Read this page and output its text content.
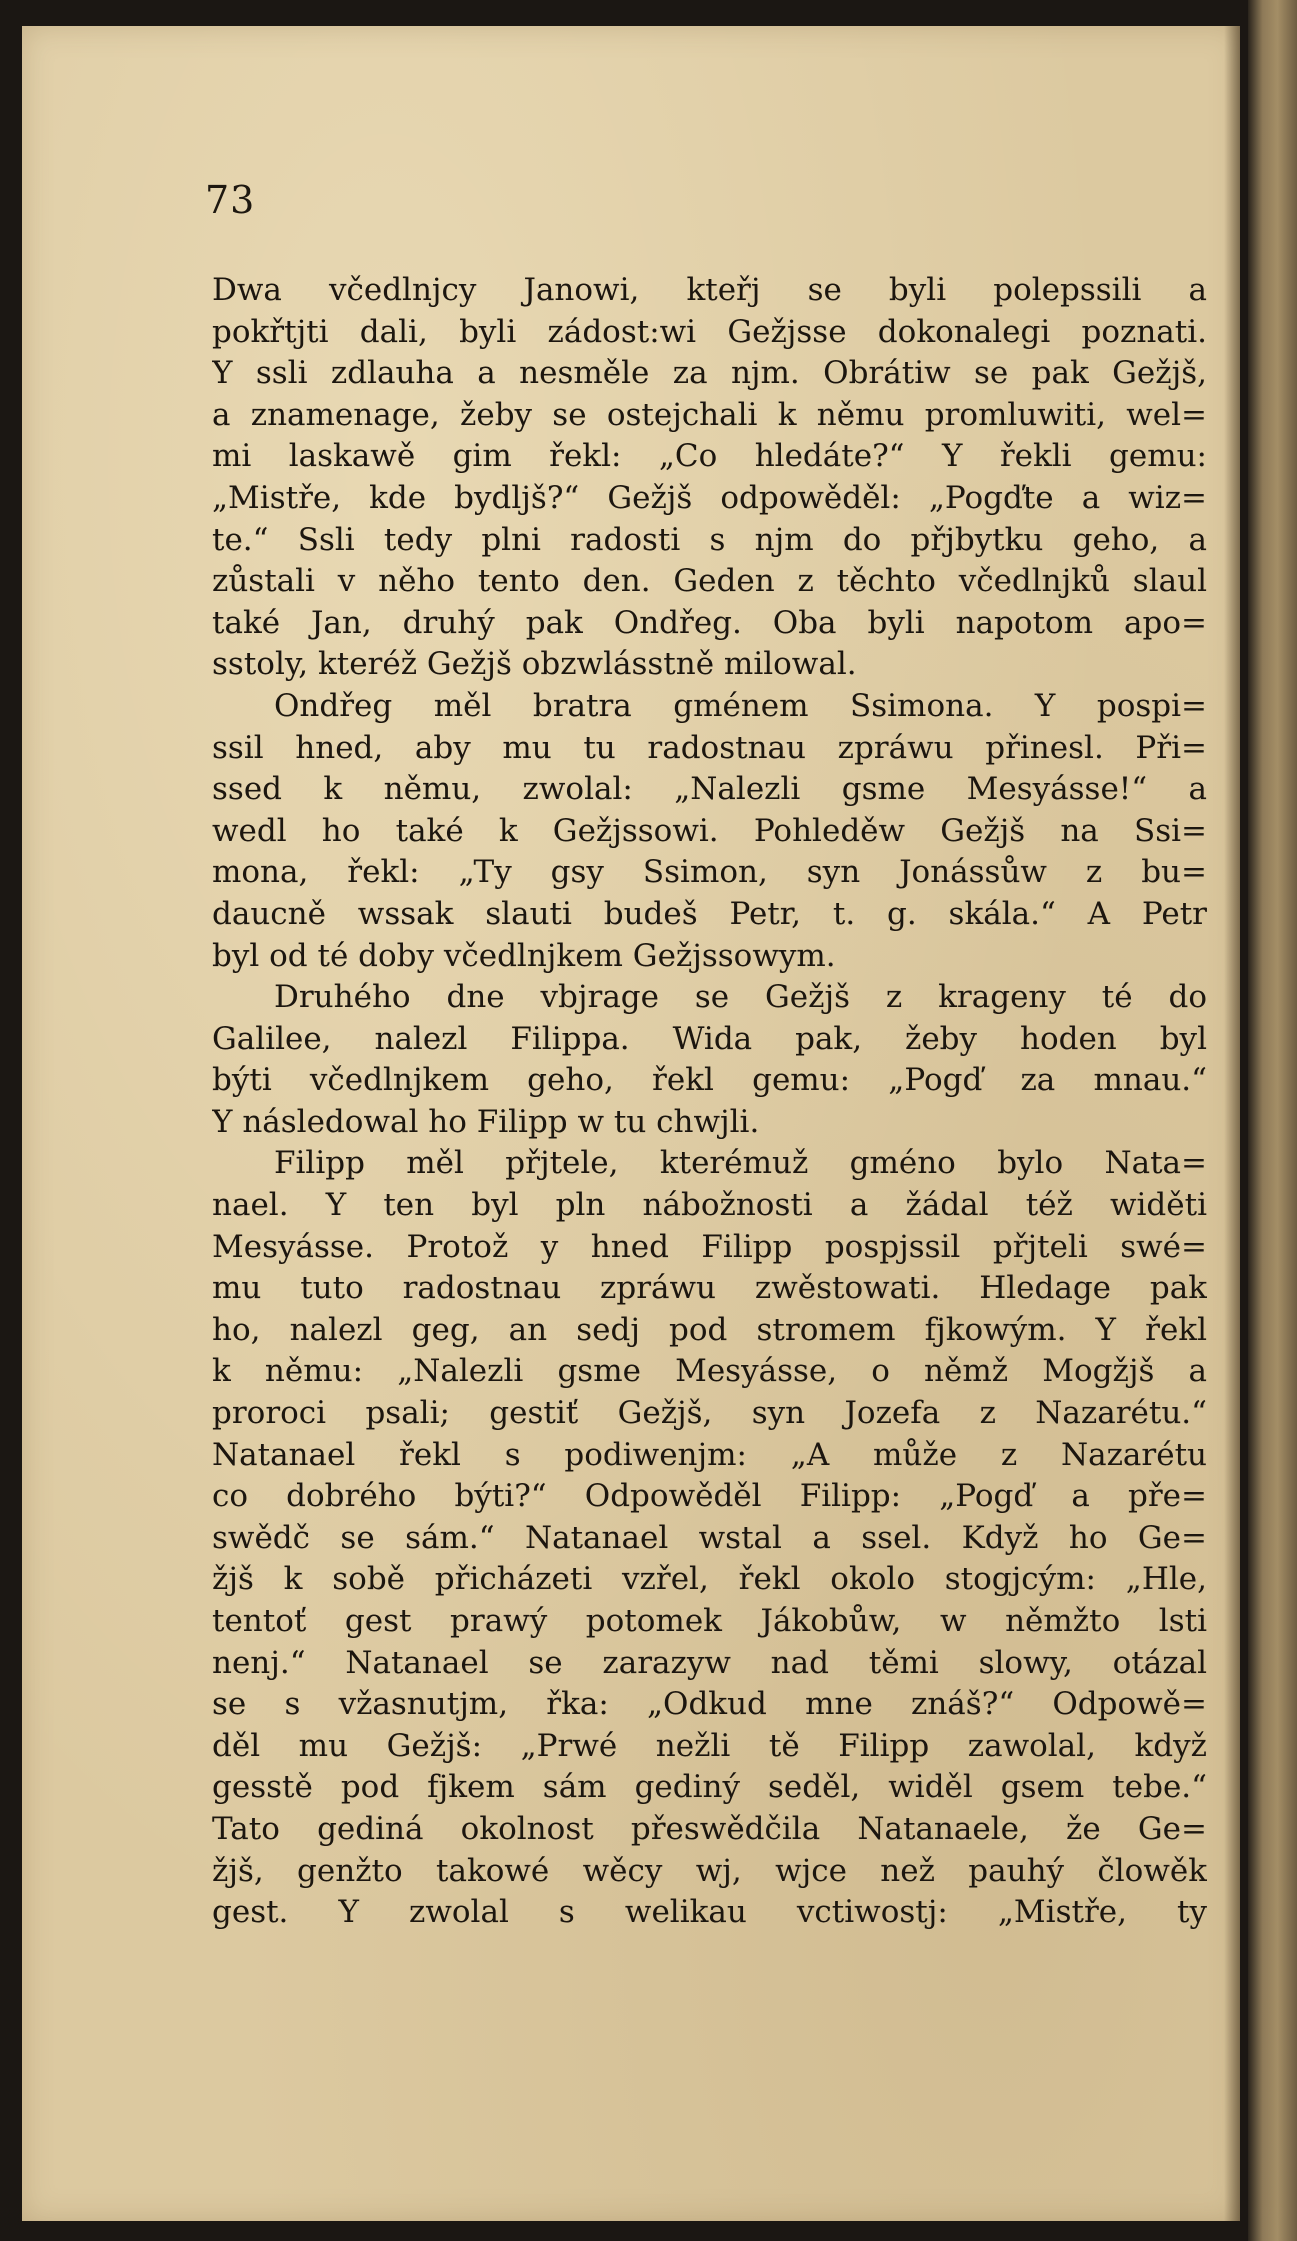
73
Dwa včedlnjcy Janowi, kteřj se byli polepssili a
pokřtjti dali, byli zádost:wi Gežjsse dokonalegi poznati.
Y ssli zdlauha a nesměle za njm. Obrátiw se pak Gežjš,
a znamenage, žeby se ostejchali k němu promluwiti, wel=
mi laskawě gim řekl: „Co hledáte?“ Y řekli gemu:
„Mistře, kde bydljš?“ Gežjš odpowěděl: „Pogďte a wiz=
te.“ Ssli tedy plni radosti s njm do přjbytku geho, a
zůstali v něho tento den. Geden z těchto včedlnjků slaul
také Jan, druhý pak Ondřeg. Oba byli napotom apo=
sstoly, kteréž Gežjš obzwlásstně milowal.
Ondřeg měl bratra gménem Ssimona. Y pospi=
ssil hned, aby mu tu radostnau zpráwu přinesl. Při=
ssed k němu, zwolal: „Nalezli gsme Mesyásse!“ a
wedl ho také k Gežjssowi. Pohleděw Gežjš na Ssi=
mona, řekl: „Ty gsy Ssimon, syn Jonássůw z bu=
daucně wssak slauti budeš Petr, t. g. skála.“ A Petr
byl od té doby včedlnjkem Gežjssowym.
Druhého dne vbjrage se Gežjš z krageny té do
Galilee, nalezl Filippa. Wida pak, žeby hoden byl
býti včedlnjkem geho, řekl gemu: „Pogď za mnau.“
Y následowal ho Filipp w tu chwjli.
Filipp měl přjtele, kterémuž gméno bylo Nata=
nael. Y ten byl pln nábožnosti a žádal též widěti
Mesyásse. Protož y hned Filipp pospjssil přjteli swé=
mu tuto radostnau zpráwu zwěstowati. Hledage pak
ho, nalezl geg, an sedj pod stromem fjkowým. Y řekl
k němu: „Nalezli gsme Mesyásse, o němž Mogžjš a
proroci psali; gestiť Gežjš, syn Jozefa z Nazarétu.“
Natanael řekl s podiwenjm: „A může z Nazarétu
co dobrého býti?“ Odpowěděl Filipp: „Pogď a pře=
swědč se sám.“ Natanael wstal a ssel. Když ho Ge=
žjš k sobě přicházeti vzřel, řekl okolo stogjcým: „Hle,
tentoť gest prawý potomek Jákobůw, w němžto lsti
nenj.“ Natanael se zarazyw nad těmi slowy, otázal
se s vžasnutjm, řka: „Odkud mne znáš?“ Odpowě=
děl mu Gežjš: „Prwé nežli tě Filipp zawolal, když
gesstě pod fjkem sám gediný seděl, widěl gsem tebe.“
Tato gediná okolnost přeswědčila Natanaele, že Ge=
žjš, genžto takowé wěcy wj, wjce než pauhý člowěk
gest. Y zwolal s welikau vctiwostj: „Mistře, ty
